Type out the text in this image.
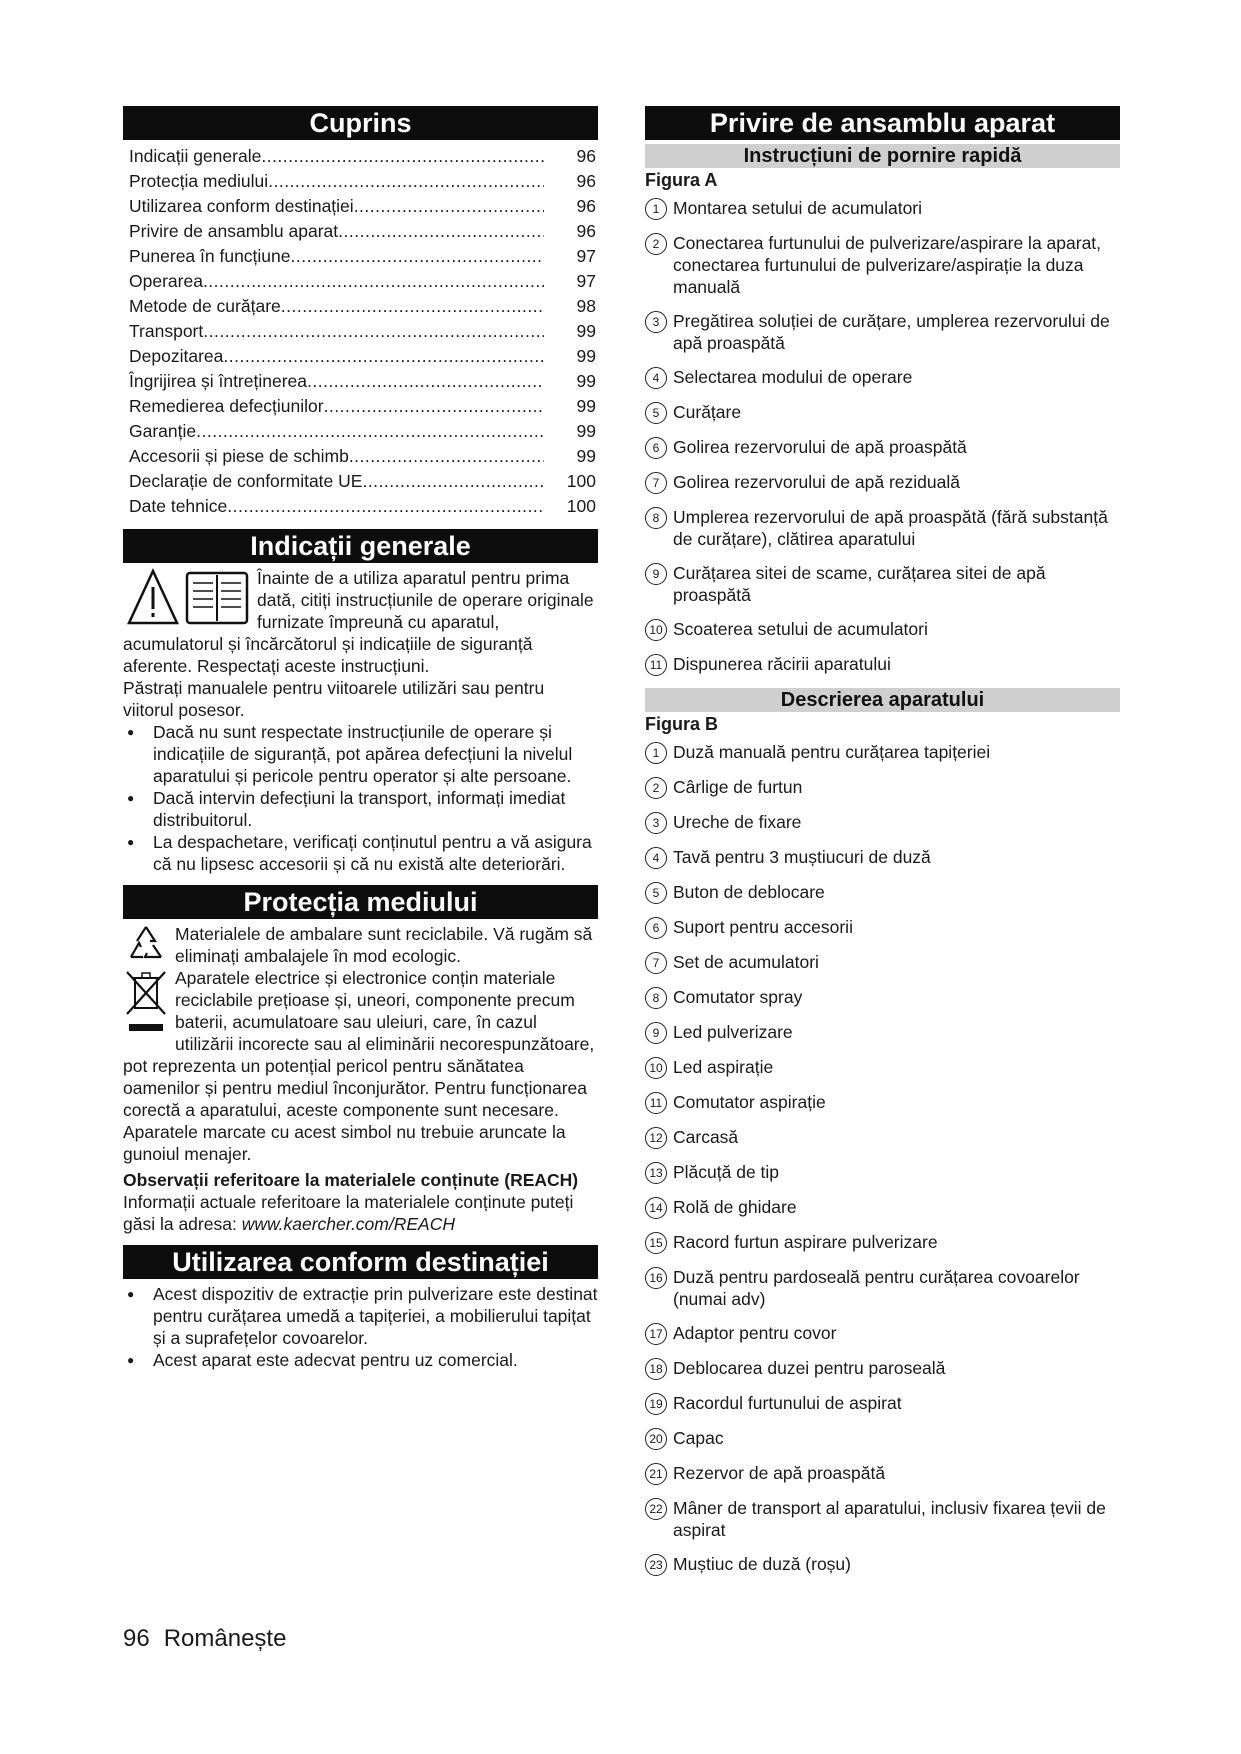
Cuprins
Indicații generale .....	96
Protecția mediului .....	96
Utilizarea conform destinației .....	96
Privire de ansamblu aparat .....	96
Punerea în funcțiune .....	97
Operarea .....	97
Metode de curățare .....	98
Transport .....	99
Depozitarea .....	99
Îngrijirea și întreținerea .....	99
Remedierea defecțiunilor .....	99
Garanție .....	99
Accesorii și piese de schimb .....	99
Declarație de conformitate UE .....	100
Date tehnice .....	100
Indicații generale

Înainte de a utiliza aparatul pentru prima dată, citiți instrucțiunile de operare originale furnizate împreună cu aparatul, acumulatorul și încărcătorul și indicațiile de siguranță aferente. Respectați aceste instrucțiuni.

Păstrați manualele pentru viitoarele utilizări sau pentru viitorul posesor.

● Dacă nu sunt respectate instrucțiunile de operare și indicațiile de siguranță, pot apărea defecțiuni la nivelul aparatului și pericole pentru operator și alte persoane.
● Dacă intervin defecțiuni la transport, informați imediat distribuitorul.
● La despachetare, verificați conținutul pentru a vă asigura că nu lipsesc accesorii și că nu există alte deteriorări.
Protecția mediului

Materialele de ambalare sunt reciclabile. Vă rugăm să eliminați ambalajele în mod ecologic.

Aparatele electrice și electronice conțin materiale reciclabile prețioase și, uneori, componente precum baterii, acumulatoare sau uleiuri, care, în cazul utilizării incorecte sau al eliminării necorespunzătoare, pot reprezenta un potențial pericol pentru sănătatea oamenilor și pentru mediul înconjurător. Pentru funcționarea corectă a aparatului, aceste componente sunt necesare. Aparatele marcate cu acest simbol nu trebuie aruncate la gunoiul menajer.

Observații referitoare la materialele conținute (REACH)

Informații actuale referitoare la materialele conținute puteți găsi la adresa: www.kaercher.com/REACH

Utilizarea conform destinației
● Acest dispozitiv de extracție prin pulverizare este destinat pentru curățarea umedă a tapițeriei, a mobilierului tapițat și a suprafețelor covoarelor.
● Acest aparat este adecvat pentru uz comercial.
Privire de ansamblu aparat
Instrucțiuni de pornire rapidă
Figura A
1 Montarea setului de acumulatori
2 Conectarea furtunului de pulverizare/aspirare la aparat, conectarea furtunului de pulverizare/aspirație la duza manuală
3 Pregătirea soluției de curățare, umplerea rezervorului de apă proaspătă
4 Selectarea modului de operare
5 Curățare
6 Golirea rezervorului de apă proaspătă
7 Golirea rezervorului de apă reziduală
8 Umplerea rezervorului de apă proaspătă (fără substanță de curățare), clătirea aparatului
9 Curățarea sitei de scame, curățarea sitei de apă proaspătă
10 Scoaterea setului de acumulatori
11 Dispunerea răcirii aparatului
Descrierea aparatului
Figura B
1 Duză manuală pentru curățarea tapițeriei
2 Cârlige de furtun
3 Ureche de fixare
4 Tavă pentru 3 muștiucuri de duză
5 Buton de deblocare
6 Suport pentru accesorii
7 Set de acumulatori
8 Comutator spray
9 Led pulverizare
10 Led aspirație
11 Comutator aspirație
12 Carcasă
13 Plăcuță de tip
14 Rolă de ghidare
15 Racord furtun aspirare pulverizare
16 Duză pentru pardoseală pentru curățarea covoarelor (numai adv)
17 Adaptor pentru covor
18 Deblocarea duzei pentru paroseală
19 Racordul furtunului de aspirat
20 Capac
21 Rezervor de apă proaspătă
22 Mâner de transport al aparatului, inclusiv fixarea țevii de aspirat
23 Muștiuc de duză (roșu)
96 Românește
